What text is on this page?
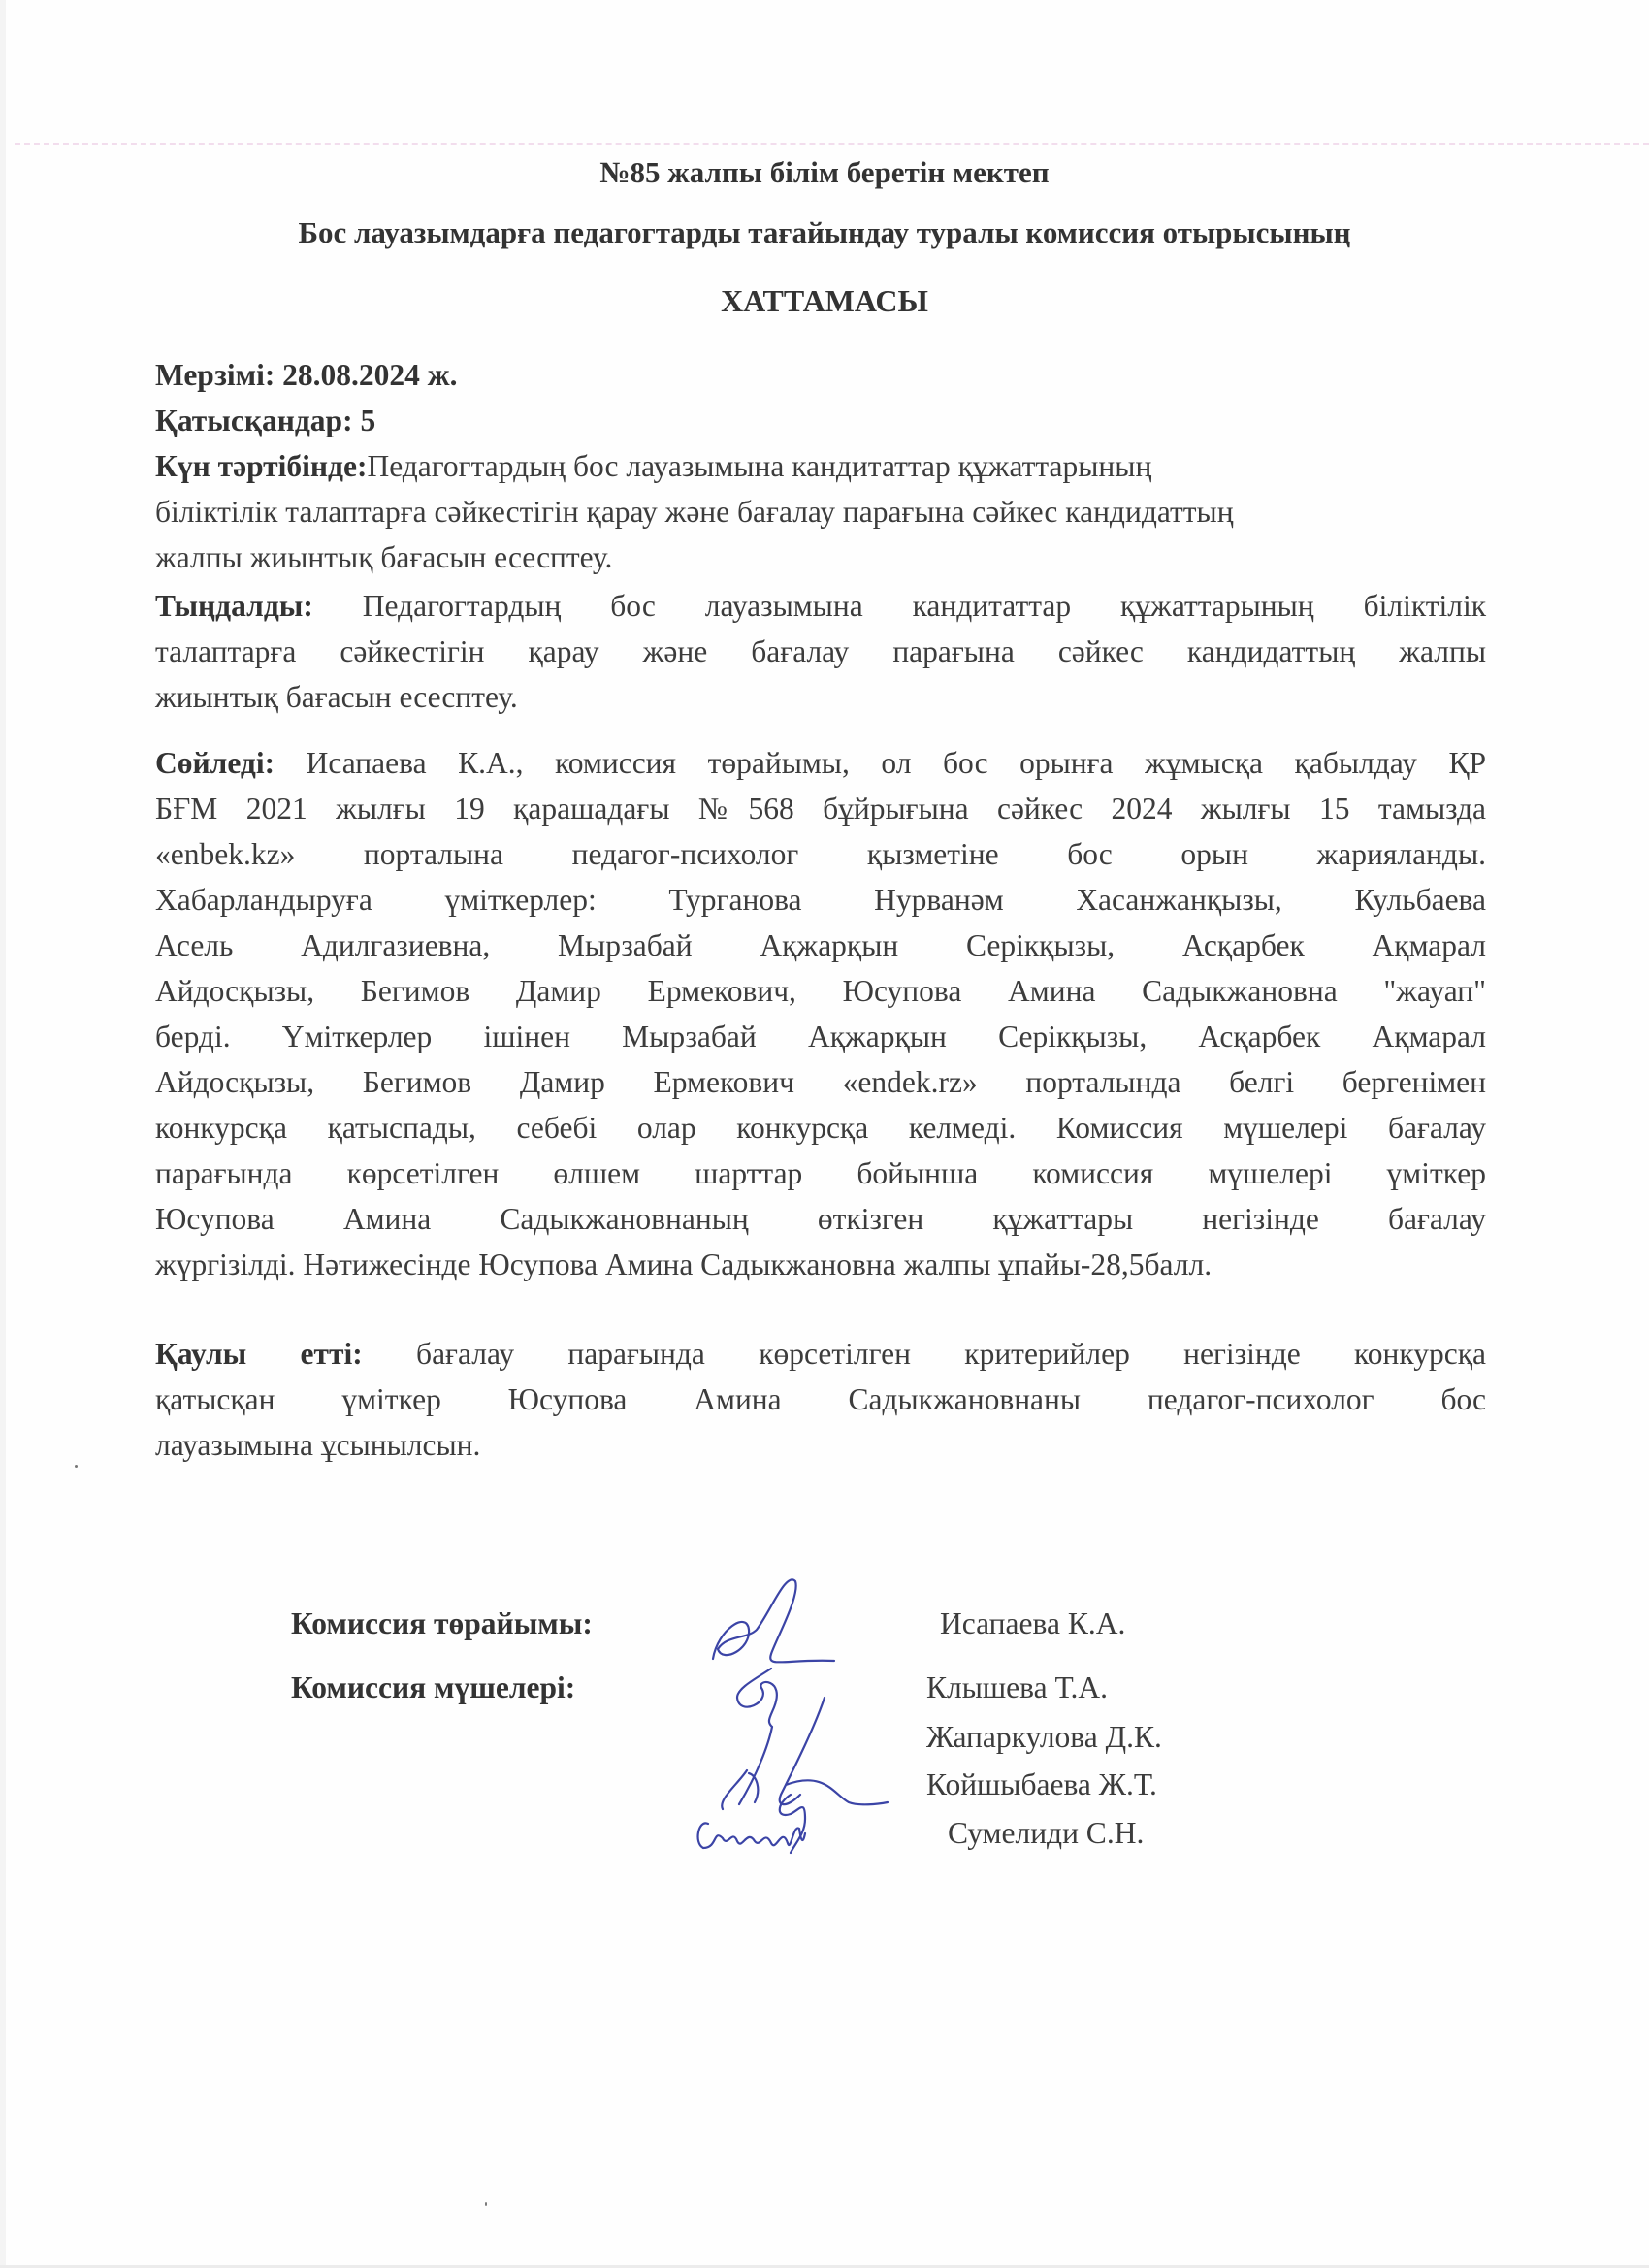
№85 жалпы білім беретін мектеп
Бос лауазымдарға педагогтарды тағайындау туралы комиссия отырысының
ХАТТАМАСЫ
Мерзімі: 28.08.2024 ж.
Қатысқандар: 5
Күн тәртібінде:Педагогтардың бос лауазымына кандитаттар құжаттарының
біліктілік талаптарға сәйкестігін қарау және бағалау парағына сәйкес кандидаттың
жалпы жиынтық бағасын есесптеу.
Тыңдалды: Педагогтардың бос лауазымына кандитаттар құжаттарының біліктілік
талаптарға сәйкестігін қарау және бағалау парағына сәйкес кандидаттың жалпы
жиынтық бағасын есесптеу.
Сөйледі: Исапаева К.А., комиссия төрайымы, ол бос орынға жұмысқа қабылдау ҚР
БҒМ 2021 жылғы 19 қарашадағы №568 бұйрығына сәйкес 2024 жылғы 15 тамызда
«enbek.kz» порталына педагог-психолог қызметіне бос орын жарияланды.
Хабарландыруға үміткерлер: Турганова Нурванәм Хасанжанқызы, Кульбаева
Асель Адилгазиевна, Мырзабай Ақжарқын Серікқызы, Асқарбек Ақмарал
Айдосқызы, Бегимов Дамир Ермекович, Юсупова Амина Садыкжановна "жауап"
берді. Үміткерлер ішінен Мырзабай Ақжарқын Серікқызы, Асқарбек Ақмарал
Айдосқызы, Бегимов Дамир Ермекович «endek.rz» порталында белгі бергенімен
конкурсқа қатыспады, себебі олар конкурсқа келмеді. Комиссия мүшелері бағалау
парағында көрсетілген өлшем шарттар бойынша комиссия мүшелері үміткер
Юсупова Амина Садыкжановнаның өткізген құжаттары негізінде бағалау
жүргізілді. Нәтижесінде Юсупова Амина Садыкжановна жалпы ұпайы-28,5балл.
Қаулы етті: бағалау парағында көрсетілген критерийлер негізінде конкурсқа
қатысқан үміткер Юсупова Амина Садыкжановнаны педагог-психолог бос
лауазымына ұсынылсын.
Комиссия төрайымы:	Исапаева К.А.
Комиссия мүшелері:	Клышева Т.А.
Жапаркулова Д.К.
Койшыбаева Ж.Т.
Сумелиди С.Н.
